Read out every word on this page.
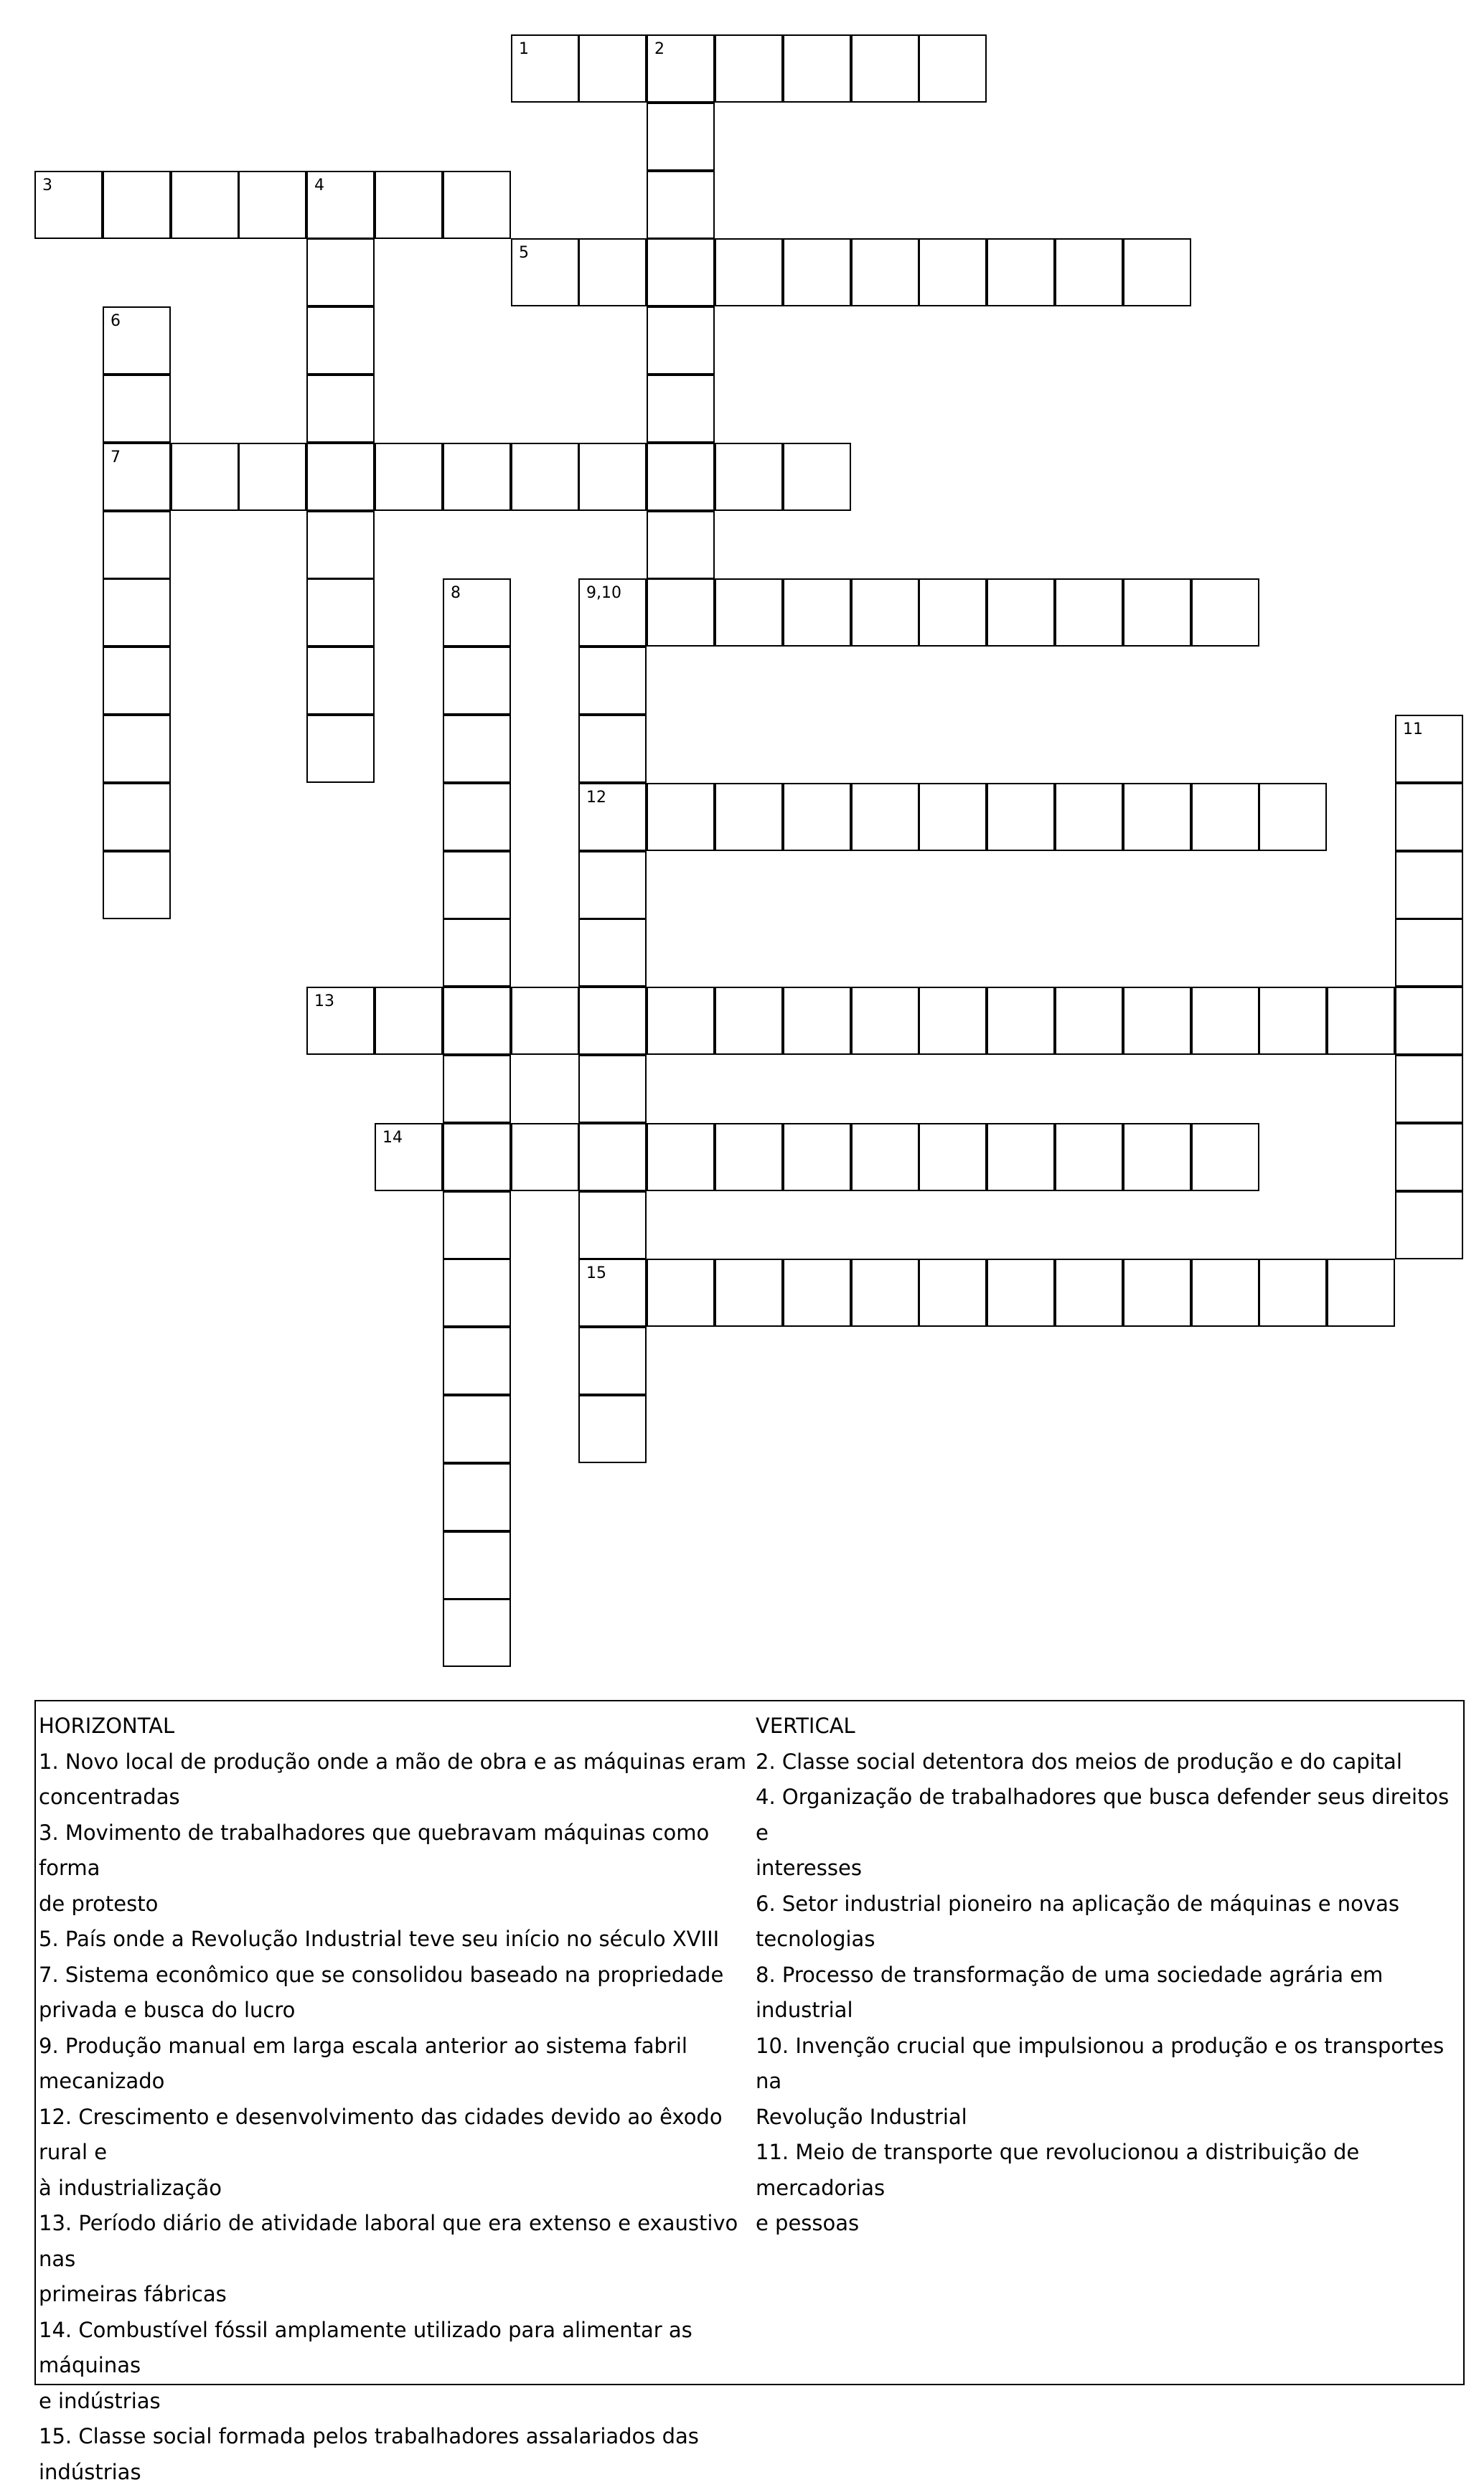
1	2
3	4
5
6
7
8	9,10
12
15
11
13
14
HORIZONTAL
1. Novo local de produção onde a mão de obra e as máquinas eram
concentradas
3. Movimento de trabalhadores que quebravam máquinas como forma
de protesto
5. País onde a Revolução Industrial teve seu início no século XVIII
7. Sistema econômico que se consolidou baseado na propriedade
privada e busca do lucro
9. Produção manual em larga escala anterior ao sistema fabril
mecanizado
12. Crescimento e desenvolvimento das cidades devido ao êxodo rural e
à industrialização
13. Período diário de atividade laboral que era extenso e exaustivo nas
primeiras fábricas
14. Combustível fóssil amplamente utilizado para alimentar as máquinas
e indústrias
15. Classe social formada pelos trabalhadores assalariados das
indústrias
VERTICAL
2. Classe social detentora dos meios de produção e do capital
4. Organização de trabalhadores que busca defender seus direitos e
interesses
6. Setor industrial pioneiro na aplicação de máquinas e novas
tecnologias
8. Processo de transformação de uma sociedade agrária em industrial
10. Invenção crucial que impulsionou a produção e os transportes na
Revolução Industrial
11. Meio de transporte que revolucionou a distribuição de mercadorias
e pessoas
